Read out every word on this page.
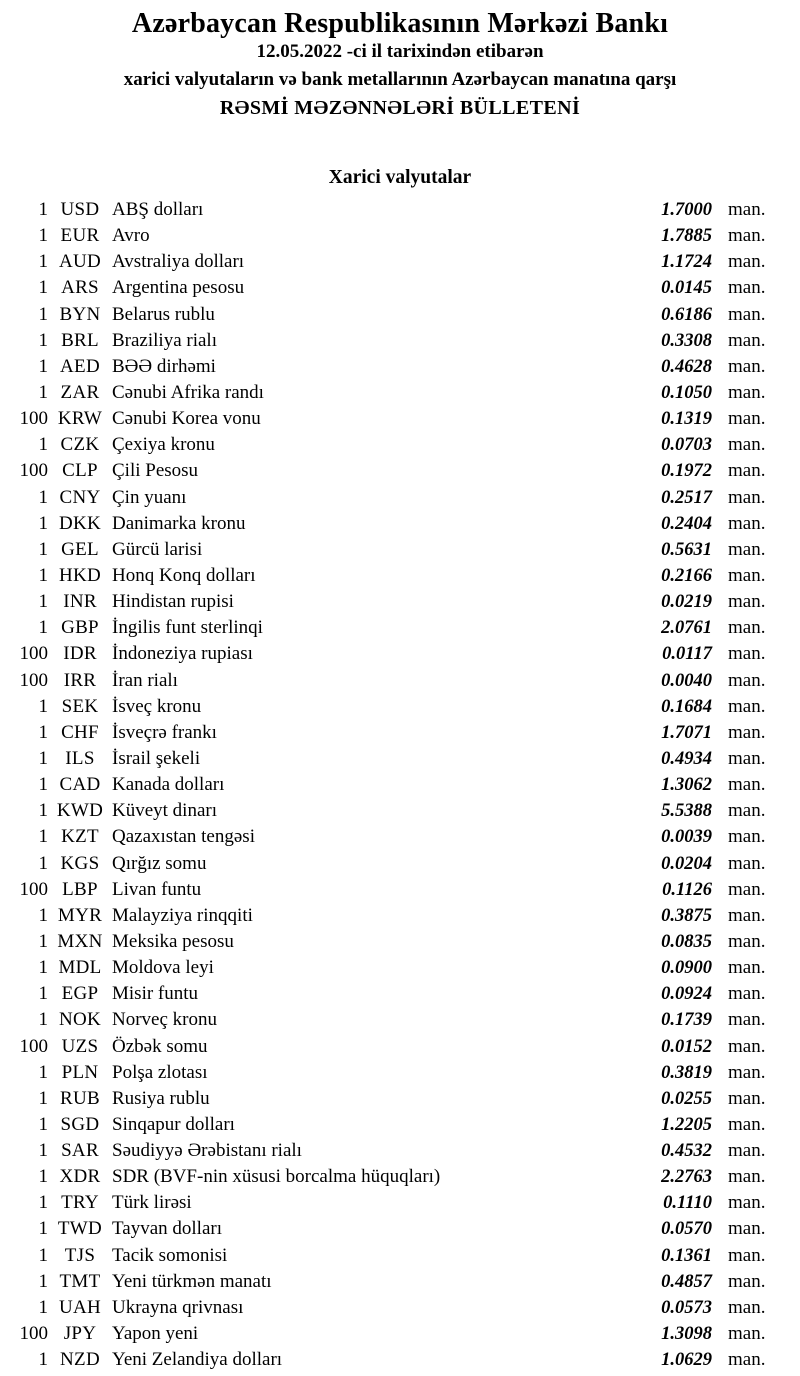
Azərbaycan Respublikasının Mərkəzi Bankı
12.05.2022 -ci il tarixindən etibarən
xarici valyutaların və bank metallarının Azərbaycan manatına qarşı
RƏSMİ MƏZƏNNƏLƏRİ BÜLLETENİ
Xarici valyutalar
1 USD ABŞ dolları	1.7000 man.
1 EUR Avro	1.7885 man.
1 AUD Avstraliya dolları	1.1724 man.
1 ARS Argentina pesosu	0.0145 man.
1 BYN Belarus rublu	0.6186 man.
1 BRL Braziliya rialı	0.3308 man.
1 AED BƏƏ dirhəmi	0.4628 man.
1 ZAR Cənubi Afrika randı	0.1050 man.
100 KRW Cənubi Korea vonu	0.1319 man.
1 CZK Çexiya kronu	0.0703 man.
100 CLP Çili Pesosu	0.1972 man.
1 CNY Çin yuanı	0.2517 man.
1 DKK Danimarka kronu	0.2404 man.
1 GEL Gürcü larisi	0.5631 man.
1 HKD Honq Konq dolları	0.2166 man.
1 INR Hindistan rupisi	0.0219 man.
1 GBP İngilis funt sterlinqi	2.0761 man.
100 IDR İndoneziya rupiası	0.0117 man.
100 IRR İran rialı	0.0040 man.
1 SEK İsveç kronu	0.1684 man.
1 CHF İsveçrə frankı	1.7071 man.
1 ILS İsrail şekeli	0.4934 man.
1 CAD Kanada dolları	1.3062 man.
1 KWD Küveyt dinarı	5.5388 man.
1 KZT Qazaxıstan tengəsi	0.0039 man.
1 KGS Qırğız somu	0.0204 man.
100 LBP Livan funtu	0.1126 man.
1 MYR Malayziya rinqqiti	0.3875 man.
1 MXN Meksika pesosu	0.0835 man.
1 MDL Moldova leyi	0.0900 man.
1 EGP Misir funtu	0.0924 man.
1 NOK Norveç kronu	0.1739 man.
100 UZS Özbək somu	0.0152 man.
1 PLN Polşa zlotası	0.3819 man.
1 RUB Rusiya rublu	0.0255 man.
1 SGD Sinqapur dolları	1.2205 man.
1 SAR Səudiyyə Ərəbistanı rialı	0.4532 man.
1 XDR SDR (BVF-nin xüsusi borcalma hüquqları)	2.2763 man.
1 TRY Türk lirəsi	0.1110 man.
1 TWD Tayvan dolları	0.0570 man.
1 TJS Tacik somonisi	0.1361 man.
1 TMT Yeni türkmən manatı	0.4857 man.
1 UAH Ukrayna qrivnası	0.0573 man.
100 JPY Yapon yeni	1.3098 man.
1 NZD Yeni Zelandiya dolları	1.0629 man.
